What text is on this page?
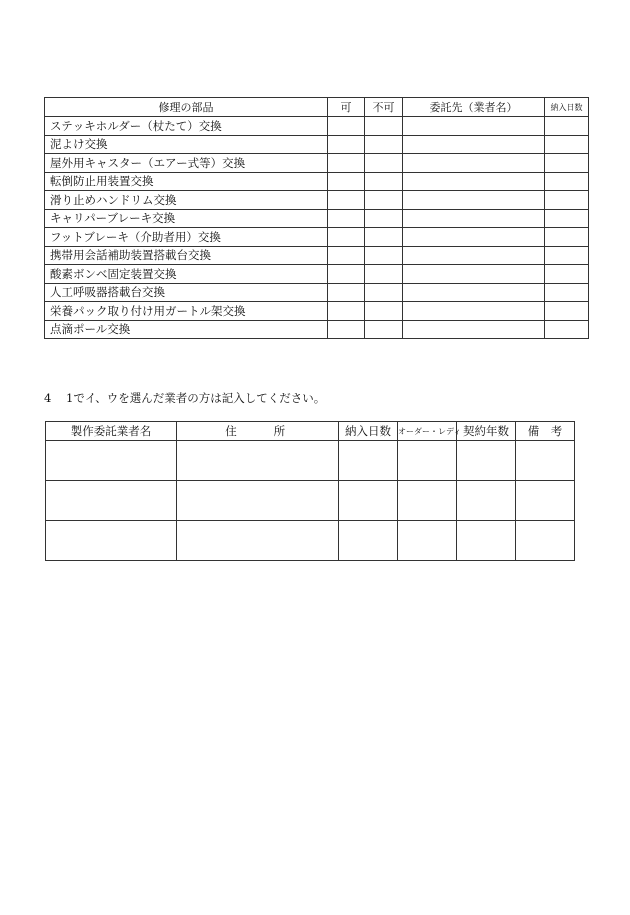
修理の部品	可	不可	委託先（業者名）	納入日数
ステッキホルダー（杖たて）交換				
泥よけ交換				
屋外用キャスター（エアー式等）交換				
転倒防止用装置交換				
滑り止めハンドリム交換				
キャリパーブレーキ交換				
フットブレーキ（介助者用）交換				
携帯用会話補助装置搭載台交換				
酸素ボンベ固定装置交換				
人工呼吸器搭載台交換				
栄養パック取り付け用ガートル架交換				
点滴ポール交換				
4 1でイ、ウを選んだ業者の方は記入してください。
製作委託業者名	住　　所	納入日数	オーダー・レディ	契約年数	備　考
